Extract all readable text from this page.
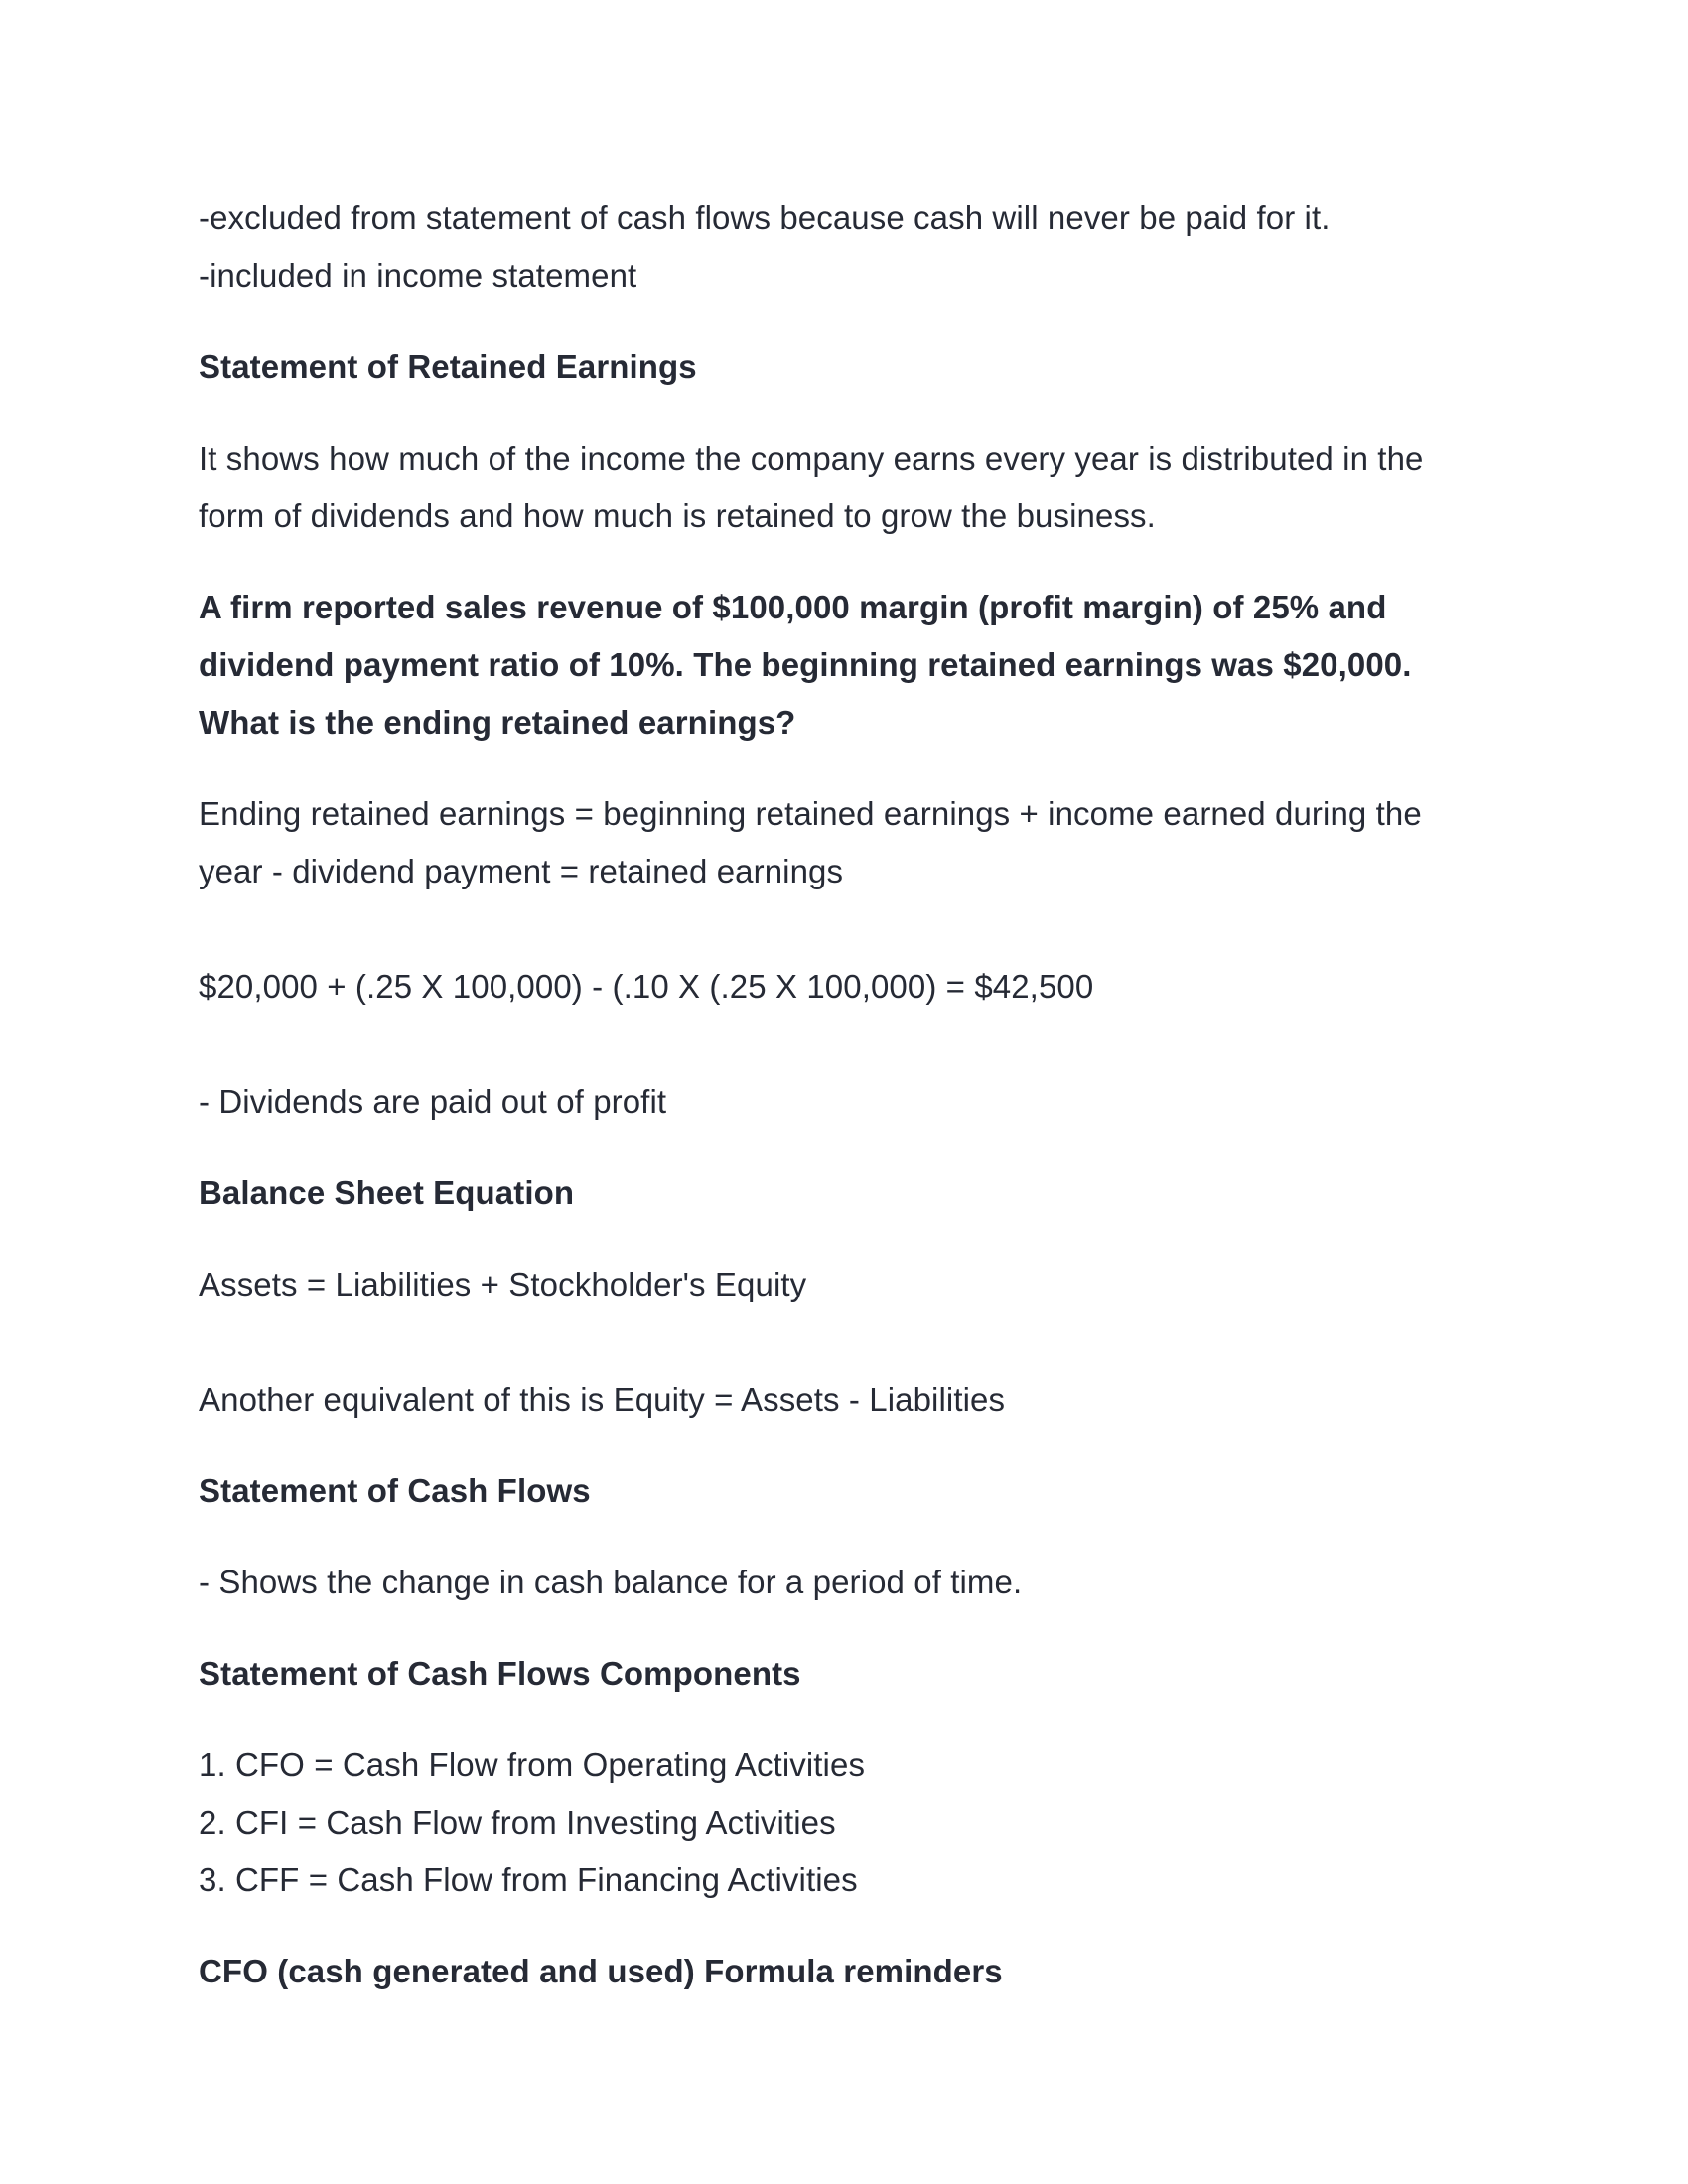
-excluded from statement of cash flows because cash will never be paid for it.

-included in income statement

Statement of Retained Earnings

It shows how much of the income the company earns every year is distributed in the

form of dividends and how much is retained to grow the business.

A firm reported sales revenue of $100,000 margin (profit margin) of 25% and

dividend payment ratio of 10%. The beginning retained earnings was $20,000.

What is the ending retained earnings?

Ending retained earnings = beginning retained earnings + income earned during the

year - dividend payment = retained earnings

$20,000 + (.25 X 100,000) - (.10 X (.25 X 100,000) = $42,500

- Dividends are paid out of profit

Balance Sheet Equation

Assets = Liabilities + Stockholder's Equity

Another equivalent of this is Equity = Assets - Liabilities

Statement of Cash Flows

- Shows the change in cash balance for a period of time.

Statement of Cash Flows Components

1. CFO = Cash Flow from Operating Activities

2. CFI = Cash Flow from Investing Activities

3. CFF = Cash Flow from Financing Activities

CFO (cash generated and used) Formula reminders
